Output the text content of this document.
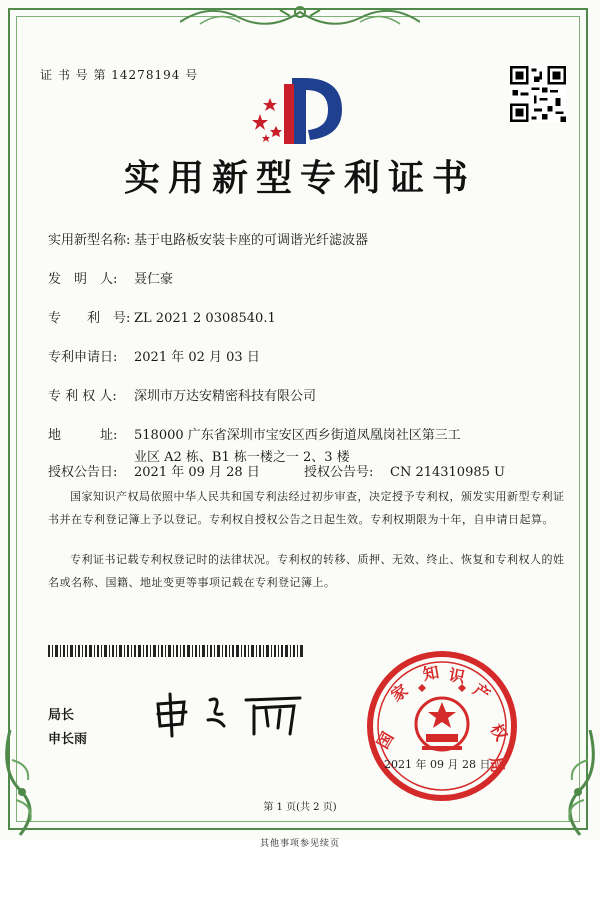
证 书 号 第 14278194 号
实用新型专利证书
实用新型名称: 基于电路板安装卡座的可调谐光纤滤波器
发　明　人: 聂仁豪
专　　利　号: ZL 2021 2 0308540.1
专利申请日: 2021 年 02 月 03 日
专 利 权 人: 深圳市万达安精密科技有限公司
地　　　址: 518000 广东省深圳市宝安区西乡街道凤凰岗社区第三工
业区 A2 栋、B1 栋一楼之一 2、3 楼
授权公告日: 2021 年 09 月 28 日	授权公告号: CN 214310985 U
国家知识产权局依照中华人民共和国专利法经过初步审查，决定授予专利权，颁发实用新型专利证书并在专利登记簿上予以登记。专利权自授权公告之日起生效。专利权期限为十年，自申请日起算。
专利证书记载专利权登记时的法律状况。专利权的转移、质押、无效、终止、恢复和专利权人的姓名或名称、国籍、地址变更等事项记载在专利登记簿上。
局长
申长雨	国
家
知 识
产
权
局
2021 年 09 月 28 日
第 1 页(共 2 页)
其他事项参见续页
